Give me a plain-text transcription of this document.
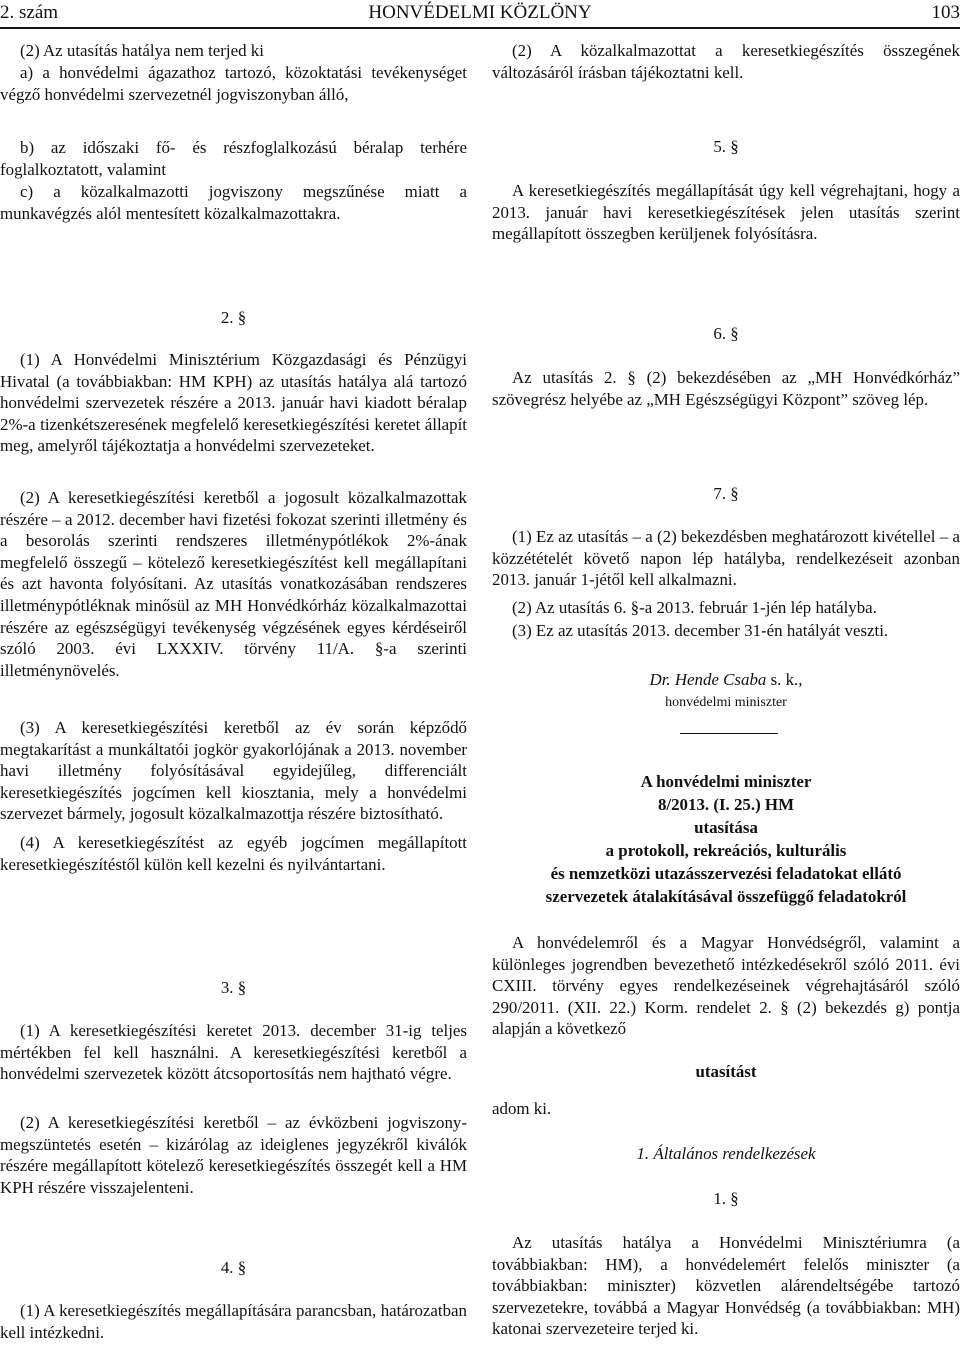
2. szám	HONVÉDELMI KÖZLÖNY	103

(2) Az utasítás hatálya nem terjed ki

a) a honvédelmi ágazathoz tartozó, közoktatási tevékenységet végző honvédelmi szervezetnél jogviszonyban álló,

b) az időszaki fő- és részfoglalkozású béralap terhére foglalkoztatott, valamint

c) a közalkalmazotti jogviszony megszűnése miatt a munkavégzés alól mentesített közalkalmazottakra.

2. §

(1) A Honvédelmi Minisztérium Közgazdasági és Pénzügyi Hivatal (a továbbiakban: HM KPH) az utasítás hatálya alá tartozó honvédelmi szervezetek részére a 2013. január havi kiadott béralap 2%-a tizenkétszeresének megfelelő keresetkiegészítési keretet állapít meg, amelyről tájékoztatja a honvédelmi szervezeteket.

(2) A keresetkiegészítési keretből a jogosult közalkalmazottak részére – a 2012. december havi fizetési fokozat szerinti illetmény és a besorolás szerinti rendszeres illetménypótlékok 2%-ának megfelelő összegű – kötelező keresetkiegészítést kell megállapítani és azt havonta folyósítani. Az utasítás vonatkozásában rendszeres illetménypótléknak minősül az MH Honvédkórház közalkalmazottai részére az egészségügyi tevékenység végzésének egyes kérdéseiről szóló 2003. évi LXXXIV. törvény 11/A. §-a szerinti illetménynövelés.

(3) A keresetkiegészítési keretből az év során képződő megtakarítást a munkáltatói jogkör gyakorlójának a 2013. november havi illetmény folyósításával egyidejűleg, differenciált keresetkiegészítés jogcímen kell kiosztania, mely a honvédelmi szervezet bármely, jogosult közalkalmazottja részére biztosítható.

(4) A keresetkiegészítést az egyéb jogcímen megállapított keresetkiegészítéstől külön kell kezelni és nyilvántartani.

3. §

(1) A keresetkiegészítési keretet 2013. december 31-ig teljes mértékben fel kell használni. A keresetkiegészítési keretből a honvédelmi szervezetek között átcsoportosítás nem hajtható végre.

(2) A keresetkiegészítési keretből – az évközbeni jogviszony-megszüntetés esetén – kizárólag az ideiglenes jegyzékről kiválók részére megállapított kötelező keresetkiegészítés összegét kell a HM KPH részére visszajelenteni.

4. §

(1) A keresetkiegészítés megállapítására parancsban, határozatban kell intézkedni.

(2) A közalkalmazottat a keresetkiegészítés összegének változásáról írásban tájékoztatni kell.

5. §

A keresetkiegészítés megállapítását úgy kell végrehajtani, hogy a 2013. január havi keresetkiegészítések jelen utasítás szerint megállapított összegben kerüljenek folyósításra.

6. §

Az utasítás 2. § (2) bekezdésében az „MH Honvédkórház” szövegrész helyébe az „MH Egészségügyi Központ” szöveg lép.

7. §

(1) Ez az utasítás – a (2) bekezdésben meghatározott kivétellel – a közzétételét követő napon lép hatályba, rendelkezéseit azonban 2013. január 1-jétől kell alkalmazni.

(2) Az utasítás 6. §-a 2013. február 1-jén lép hatályba.

(3) Ez az utasítás 2013. december 31-én hatályát veszti.

Dr. Hende Csaba s. k.,

honvédelmi miniszter

A honvédelmi miniszter

8/2013. (I. 25.) HM

utasítása

a protokoll, rekreációs, kulturális

és nemzetközi utazásszervezési feladatokat ellátó

szervezetek átalakításával összefüggő feladatokról

A honvédelemről és a Magyar Honvédségről, valamint a különleges jogrendben bevezethető intézkedésekről szóló 2011. évi CXIII. törvény egyes rendelkezéseinek végrehajtásáról szóló 290/2011. (XII. 22.) Korm. rendelet 2. § (2) bekezdés g) pontja alapján a következő

utasítást

adom ki.

1. Általános rendelkezések

1. §

Az utasítás hatálya a Honvédelmi Minisztériumra (a továbbiakban: HM), a honvédelemért felelős miniszter (a továbbiakban: miniszter) közvetlen alárendeltségébe tartozó szervezetekre, továbbá a Magyar Honvédség (a továbbiakban: MH) katonai szervezeteire terjed ki.
